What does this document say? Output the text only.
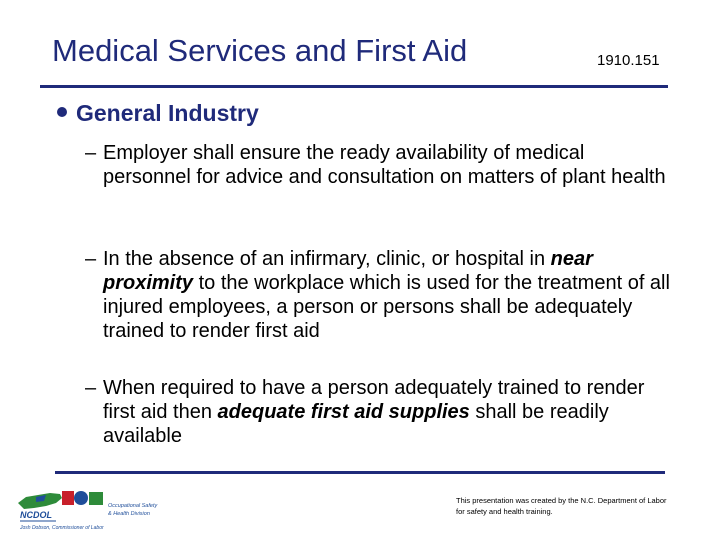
Medical Services and First Aid	1910.151
General Industry
– Employer shall ensure the ready availability of medical personnel for advice and consultation on matters of plant health
– In the absence of an infirmary, clinic, or hospital in near proximity to the workplace which is used for the treatment of all injured employees, a person or persons shall be adequately trained to render first aid
– When required to have a person adequately trained to render first aid then adequate first aid supplies shall be readily available
NCDOL
Occupational Safety
& Health Division
Josh Dobson, Commissioner of Labor
This presentation was created by the N.C. Department of Labor for safety and health training.
